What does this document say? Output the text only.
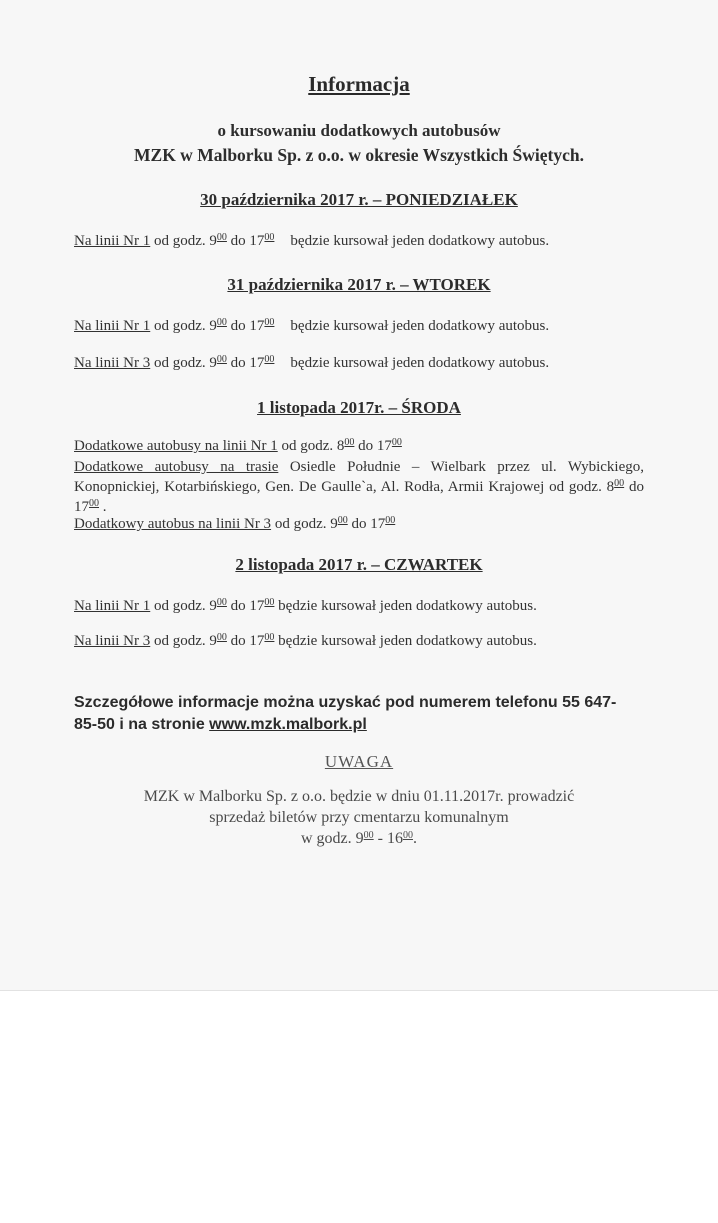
Informacja
o kursowaniu dodatkowych autobusów
MZK w Malborku Sp. z o.o. w okresie Wszystkich Świętych.
30 października 2017 r. – PONIEDZIAŁEK
Na linii Nr 1 od godz. $9^{00}$ do $17^{00}$ będzie kursował jeden dodatkowy autobus.
31 października 2017 r. – WTOREK
Na linii Nr 1 od godz. $9^{00}$ do $17^{00}$ będzie kursował jeden dodatkowy autobus.
Na linii Nr 3 od godz. $9^{00}$ do $17^{00}$ będzie kursował jeden dodatkowy autobus.
1 listopada 2017r. – ŚRODA
Dodatkowe autobusy na linii Nr 1 od godz. $8^{00}$ do $17^{00}$
Dodatkowe autobusy na trasie Osiedle Południe – Wielbark przez ul. Wybickiego, Konopnickiej, Kotarbińskiego, Gen. De Gaulle`a, Al. Rodła, Armii Krajowej od godz. $8^{00}$ do $17^{00}$ .
Dodatkowy autobus na linii Nr 3 od godz. $9^{00}$ do $17^{00}$
2 listopada 2017 r. – CZWARTEK
Na linii Nr 1 od godz. $9^{00}$ do $17^{00}$ będzie kursował jeden dodatkowy autobus.
Na linii Nr 3 od godz. $9^{00}$ do $17^{00}$ będzie kursował jeden dodatkowy autobus.
Szczegółowe informacje można uzyskać pod numerem telefonu 55 647-85-50 i na stronie www.mzk.malbork.pl
UWAGA
MZK w Malborku Sp. z o.o. będzie w dniu 01.11.2017r. prowadzić
sprzedaż biletów przy cmentarzu komunalnym
w godz. $9^{00} - 16^{00}$.
